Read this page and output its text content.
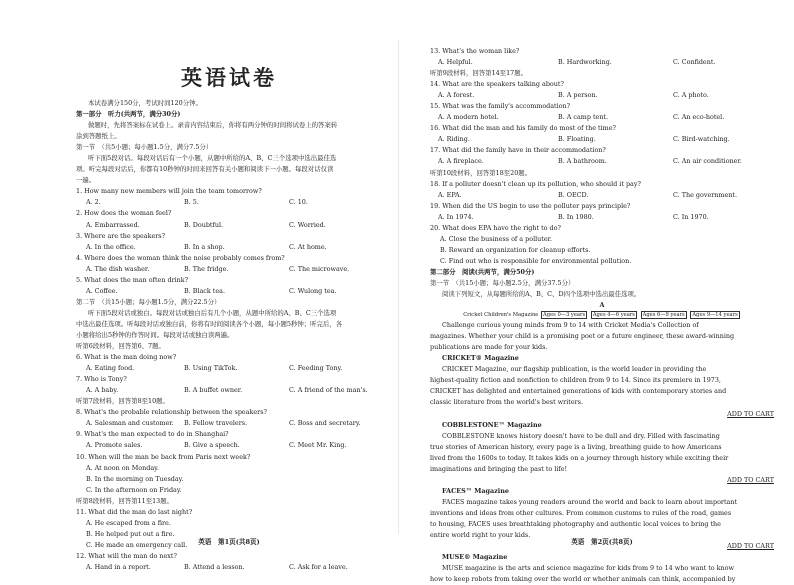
英语试卷
本试卷满分150分，考试时间120分钟。
第一部分　听力(共两节，满分30分)
做题时，先将答案标在试卷上。录音内容结束后，你将有两分钟的时间将试卷上的答案转
涂到答题纸上。
第一节　（共5小题；每小题1.5分，满分7.5分）
听下面5段对话。每段对话后有一个小题，从题中所给的A、B、C三个选项中选出最佳选
项。听完每段对话后，你都有10秒钟的时间来回答有关小题和阅读下一小题。每段对话仅读
一遍。
1. How many new members will join the team tomorrow?
A. 2.	B. 5.	C. 10.
2. How does the woman feel?
A. Embarrassed.	B. Doubtful.	C. Worried.
3. Where are the speakers?
A. In the office.	B. In a shop.	C. At home.
4. Where does the woman think the noise probably comes from?
A. The dish washer.	B. The fridge.	C. The microwave.
5. What does the man often drink?
A. Coffee.	B. Black tea.	C. Wulong tea.
第二节　（共15小题；每小题1.5分，满分22.5分）
听下面5段对话或独白。每段对话或独白后有几个小题，从题中所给的A、B、C三个选项
中选出最佳选项。听每段对话或独白前，你将有时间阅读各个小题，每小题5秒钟；听完后，各
小题将给出5秒钟的作答时间。每段对话或独白读两遍。
听第6段材料，回答第6、7题。
6. What is the man doing now?
A. Eating food.	B. Using TikTok.	C. Feeding Tony.
7. Who is Tony?
A. A baby.	B. A buffet owner.	C. A friend of the man's.
听第7段材料，回答第8至10题。
8. What's the probable relationship between the speakers?
A. Salesman and customer.	B. Fellow travelers.	C. Boss and secretary.
9. What's the man expected to do in Shanghai?
A. Promote sales.	B. Give a speech.	C. Meet Mr. King.
10. When will the man be back from Paris next week?
A. At noon on Monday.
B. In the morning on Tuesday.
C. In the afternoon on Friday.
听第8段材料，回答第11至13题。
11. What did the man do last night?
A. He escaped from a fire.
B. He helped put out a fire.
C. He made an emergency call.
12. What will the man do next?
A. Hand in a report.	B. Attend a lesson.	C. Ask for a leave.
英语　第1页(共8页)
13. What's the woman like?
A. Helpful.	B. Hardworking.	C. Confident.
听第9段材料，回答第14至17题。
14. What are the speakers talking about?
A. A forest.	B. A person.	C. A photo.
15. What was the family's accommodation?
A. A modern hotel.	B. A camp tent.	C. An eco-hotel.
16. What did the man and his family do most of the time?
A. Riding.	B. Floating.	C. Bird-watching.
17. What did the family have in their accommodation?
A. A fireplace.	B. A bathroom.	C. An air conditioner.
听第10段材料，回答第18至20题。
18. If a polluter doesn't clean up its pollution, who should it pay?
A. EPA.	B. OECD.	C. The government.
19. When did the US begin to use the polluter pays principle?
A. In 1974.	B. In 1980.	C. In 1970.
20. What does EPA have the right to do?
A. Close the business of a polluter.
B. Reward an organization for cleanup efforts.
C. Find out who is responsible for environmental pollution.
第二部分　阅读(共两节，满分50分)
第一节　（共15小题；每小题2.5分，满分37.5分）
阅读下列短文，从每题所给的A、B、C、D四个选项中选出最佳选项。
A
Cricket Children's Magazine Ages 0—3 years Ages 4—6 years Ages 6—9 years Ages 9—14 years
Challenge curious young minds from 9 to 14 with Cricket Media's Collection of
magazines. Whether your child is a promising poet or a future engineer, these award-winning
publications are made for your kids.
CRICKET® Magazine
CRICKET Magazine, our flagship publication, is the world leader in providing the
highest-quality fiction and nonfiction to children from 9 to 14. Since its premiere in 1973,
CRICKET has delighted and entertained generations of kids with contemporary stories and
classic literature from the world's best writers.
ADD TO CART
COBBLESTONE™ Magazine
COBBLESTONE knows history doesn't have to be dull and dry. Filled with fascinating
true stories of American history, every page is a living, breathing guide to how Americans
lived from the 1600s to today. It takes kids on a journey through history while exciting their
imaginations and bringing the past to life!
ADD TO CART
FACES™ Magazine
FACES magazine takes young readers around the world and back to learn about important
inventions and ideas from other cultures. From common customs to rules of the road, games
to housing, FACES uses breathtaking photography and authentic local voices to bring the
entire world right to your kids.
ADD TO CART
MUSE® Magazine
MUSE magazine is the arts and science magazine for kids from 9 to 14 who want to know
how to keep robots from taking over the world or whether animals can think, accompanied by
英语　第2页(共8页)
